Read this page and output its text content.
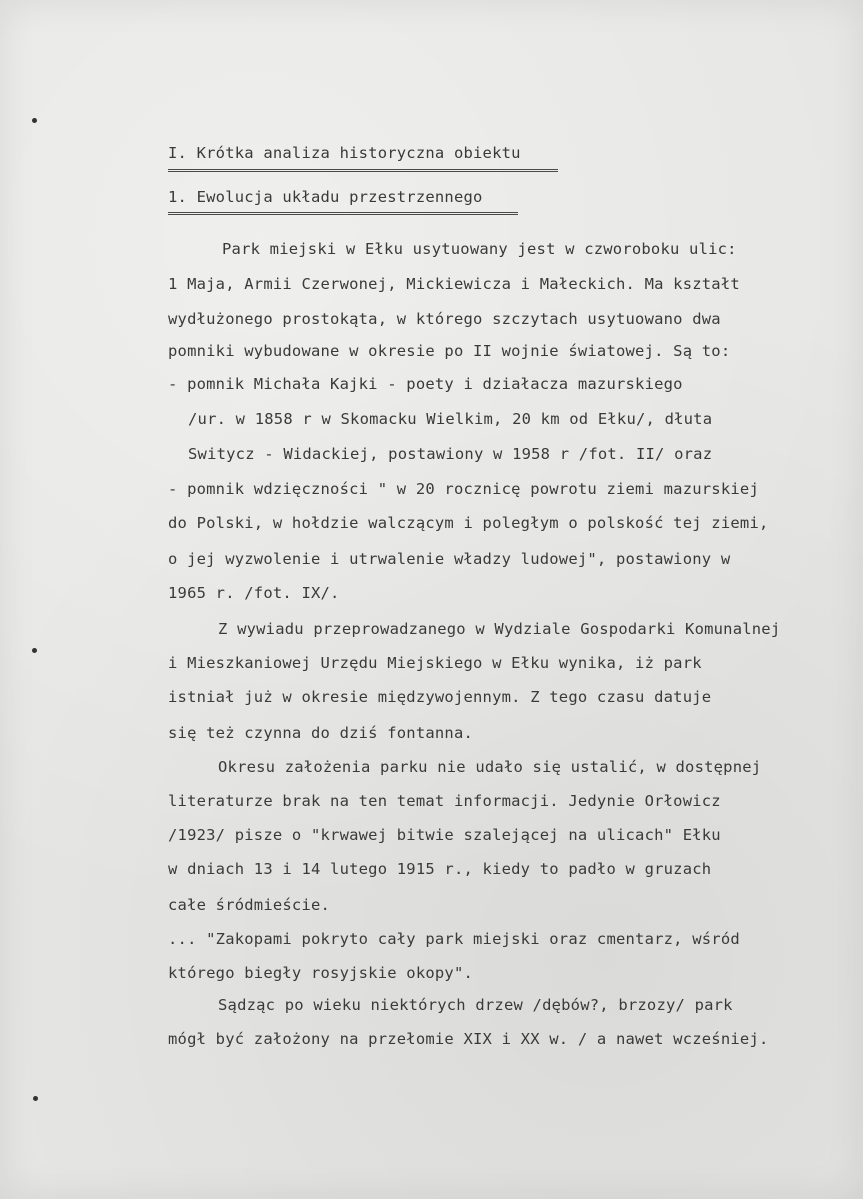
I. Krótka analiza historyczna obiektu
1. Ewolucja układu przestrzennego
Park miejski w Ełku usytuowany jest w czworoboku ulic:
1 Maja, Armii Czerwonej, Mickiewicza i Małeckich. Ma kształt
wydłużonego prostokąta, w którego szczytach usytuowano dwa
pomniki wybudowane w okresie po II wojnie światowej. Są to:
- pomnik Michała Kajki - poety i działacza mazurskiego
/ur. w 1858 r w Skomacku Wielkim, 20 km od Ełku/, dłuta
Switycz - Widackiej, postawiony w 1958 r /fot. II/ oraz
- pomnik wdzięczności " w 20 rocznicę powrotu ziemi mazurskiej
do Polski, w hołdzie walczącym i poległym o polskość tej ziemi,
o jej wyzwolenie i utrwalenie władzy ludowej", postawiony w
1965 r. /fot. IX/.
Z wywiadu przeprowadzanego w Wydziale Gospodarki Komunalnej
i Mieszkaniowej Urzędu Miejskiego w Ełku wynika, iż park
istniał już w okresie międzywojennym. Z tego czasu datuje
się też czynna do dziś fontanna.
Okresu założenia parku nie udało się ustalić, w dostępnej
literaturze brak na ten temat informacji. Jedynie Orłowicz
/1923/ pisze o "krwawej bitwie szalejącej na ulicach" Ełku
w dniach 13 i 14 lutego 1915 r., kiedy to padło w gruzach
całe śródmieście.
... "Zakopami pokryto cały park miejski oraz cmentarz, wśród
którego biegły rosyjskie okopy".
Sądząc po wieku niektórych drzew /dębów?, brzozy/ park
mógł być założony na przełomie XIX i XX w. / a nawet wcześniej.
